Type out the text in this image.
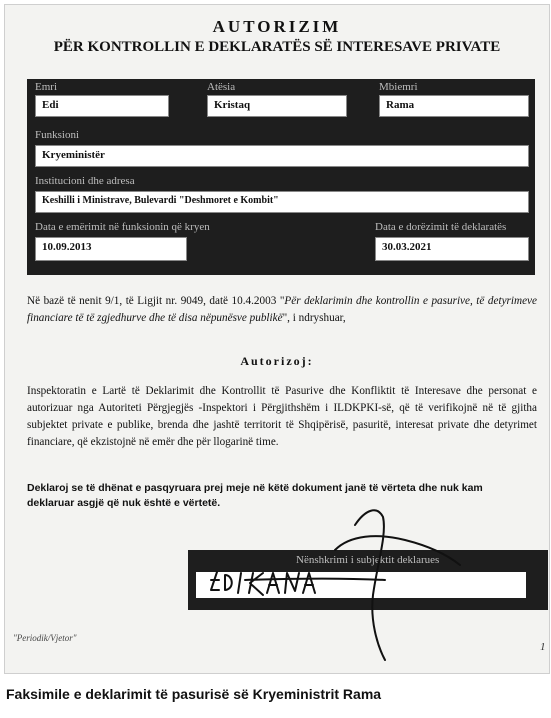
AUTORIZIM
PËR KONTROLLIN E DEKLARATËS SË INTERESAVE PRIVATE
Emri
Edi
Atësia
Kristaq
Mbiemri
Rama
Funksioni
Kryeministër
Institucioni dhe adresa
Keshilli i Ministrave, Bulevardi "Deshmoret e Kombit"
Data e emërimit në funksionin që kryen
10.09.2013
Data e dorëzimit të deklaratës
30.03.2021
Në bazë të nenit 9/1, të Ligjit nr. 9049, datë 10.4.2003 "Për deklarimin dhe kontrollin e pasurive, të detyrimeve financiare të të zgjedhurve dhe të disa nëpunësve publikë", i ndryshuar,
Autorizoj:
Inspektoratin e Lartë të Deklarimit dhe Kontrollit të Pasurive dhe Konfliktit të Interesave dhe personat e autorizuar nga Autoriteti Përgjegjës -Inspektori i Përgjithshëm i ILDKPKI-së, që të verifikojnë në të gjitha subjektet private e publike, brenda dhe jashtë territorit të Shqipërisë, pasuritë, interesat private dhe detyrimet financiare, që ekzistojnë në emër dhe për llogarinë time.
Deklaroj se të dhënat e pasqyruara prej meje në këtë dokument janë të vërteta dhe nuk kam deklaruar asgjë që nuk është e vërtetë.
Nënshkrimi i subjektit deklarues
"Periodik/Vjetor"
1
Faksimile e deklarimit të pasurisë së Kryeministrit Rama
